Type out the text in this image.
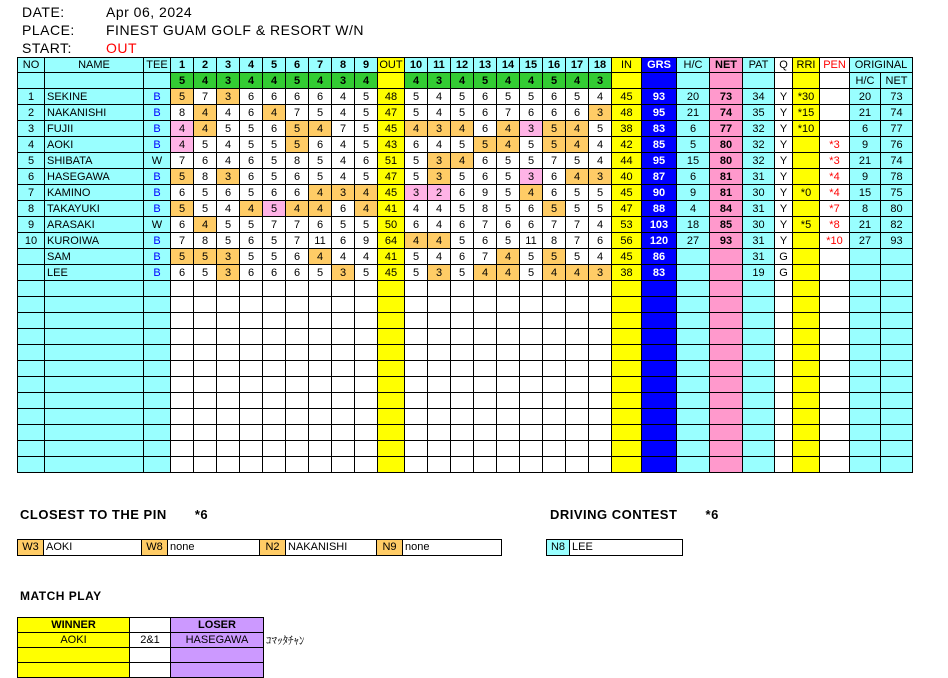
DATE:	Apr 06, 2024
PLACE: FINEST GUAM GOLF & RESORT W/N
START: OUT
NO	NAME	TEE	1	2	3	4	5	6	7	8	9	OUT	10	11	12	13	14	15	16	17	18	IN	GRS	H/C	NET	PAT	Q	RRI	PEN	ORIGINAL	
			5	4	3	4	4	5	4	3	4		4	3	4	5	4	4	5	4	3									H/C	NET
1	SEKINE	B	5	7	3	6	6	6	6	4	5	48	5	4	5	6	5	5	6	5	4	45	93	20	73	34	Y	*30		20	73
2	NAKANISHI	B	8	4	4	6	4	7	5	4	5	47	5	4	5	6	7	6	6	6	3	48	95	21	74	35	Y	*15		21	74
3	FUJII	B	4	4	5	5	6	5	4	7	5	45	4	3	4	6	4	3	5	4	5	38	83	6	77	32	Y	*10		6	77
4	AOKI	B	4	5	4	5	5	5	6	4	5	43	6	4	5	5	4	5	5	4	4	42	85	5	80	32	Y		*3	9	76
5	SHIBATA	W	7	6	4	6	5	8	5	4	6	51	5	3	4	6	5	5	7	5	4	44	95	15	80	32	Y		*3	21	74
6	HASEGAWA	B	5	8	3	6	5	6	5	4	5	47	5	3	5	6	5	3	6	4	3	40	87	6	81	31	Y		*4	9	78
7	KAMINO	B	6	5	6	5	6	6	4	3	4	45	3	2	6	9	5	4	6	5	5	45	90	9	81	30	Y	*0	*4	15	75
8	TAKAYUKI	B	5	5	4	4	5	4	4	6	4	41	4	4	5	8	5	6	5	5	5	47	88	4	84	31	Y		*7	8	80
9	ARASAKI	W	6	4	5	5	7	7	6	5	5	50	6	4	6	7	6	6	7	7	4	53	103	18	85	30	Y	*5	*8	21	82
10	KUROIWA	B	7	8	5	6	5	7	11	6	9	64	4	4	5	6	5	11	8	7	6	56	120	27	93	31	Y		*10	27	93
	SAM	B	5	5	3	5	5	6	4	4	4	41	5	4	6	7	4	5	5	5	4	45	86			31	G				
	LEE	B	6	5	3	6	6	6	5	3	5	45	5	3	5	4	4	5	4	4	3	38	83			19	G				

CLOSEST TO THE PIN *6	DRIVING CONTEST *6
W3 AOKI	W8 none	N2 NAKANISHI	N9 none	N8 LEE
MATCH PLAY
WINNER		LOSER
AOKI	2&1	HASEGAWA

		ｺﾏｯﾀﾁｬﾝ
